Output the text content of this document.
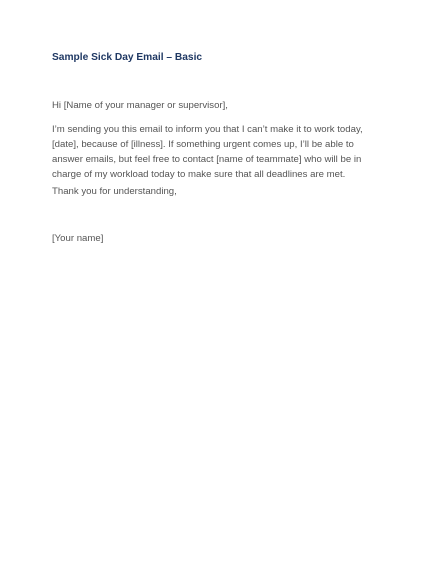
Sample Sick Day Email – Basic
Hi [Name of your manager or supervisor],
I’m sending you this email to inform you that I can’t make it to work today,
[date], because of [illness]. If something urgent comes up, I’ll be able to
answer emails, but feel free to contact [name of teammate] who will be in
charge of my workload today to make sure that all deadlines are met.
Thank you for understanding,
[Your name]
